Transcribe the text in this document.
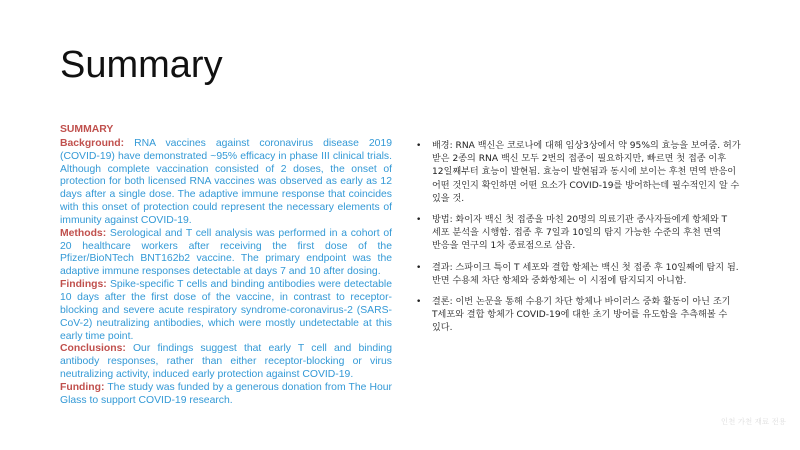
Summary
SUMMARY

Background: RNA vaccines against coronavirus disease 2019 (COVID-19) have demonstrated ~95% efficacy in phase III clinical trials. Although complete vaccination consisted of 2 doses, the onset of protection for both licensed RNA vaccines was observed as early as 12 days after a single dose. The adaptive immune response that coincides with this onset of protection could represent the necessary elements of immunity against COVID-19.

Methods: Serological and T cell analysis was performed in a cohort of 20 healthcare workers after receiving the first dose of the Pfizer/BioNTech BNT162b2 vaccine. The primary endpoint was the adaptive immune responses detectable at days 7 and 10 after dosing.

Findings: Spike-specific T cells and binding antibodies were detectable 10 days after the first dose of the vaccine, in contrast to receptor-blocking and severe acute respiratory syndrome-coronavirus-2 (SARS-CoV-2) neutralizing antibodies, which were mostly undetectable at this early time point.

Conclusions: Our findings suggest that early T cell and binding antibody responses, rather than either receptor-blocking or virus neutralizing activity, induced early protection against COVID-19.

Funding: The study was funded by a generous donation from The Hour Glass to support COVID-19 research.

• 배경: RNA 백신은 코로나에 대해 임상3상에서 약 95%의 효능을 보여줌. 허가 받은 2종의 RNA 백신 모두 2번의 접종이 필요하지만, 빠르면 첫 접종 이후 12일째부터 효능이 발현됨. 효능이 발현됨과 동시에 보이는 후천 면역 반응이 어떤 것인지 확인하면 어떤 요소가 COVID-19를 방어하는데 필수적인지 알 수 있을 것.
• 방법: 화이자 백신 첫 접종을 마친 20명의 의료기관 종사자들에게 항체와 T 세포 분석을 시행함. 접종 후 7일과 10일의 탐지 가능한 수준의 후천 면역 반응을 연구의 1차 종료점으로 삼음.
• 결과: 스파이크 특이 T 세포와 결합 항체는 백신 첫 접종 후 10일째에 탐지 됨. 반면 수용체 차단 항체와 중화항체는 이 시점에 탐지되지 아니함.
• 결론: 이번 논문을 통해 수용기 차단 항체나 바이러스 중화 활동이 아닌 조기 T세포와 결합 항체가 COVID-19에 대한 초기 방어를 유도함을 추측해볼 수 있다.
인천 가천 재료 전용
